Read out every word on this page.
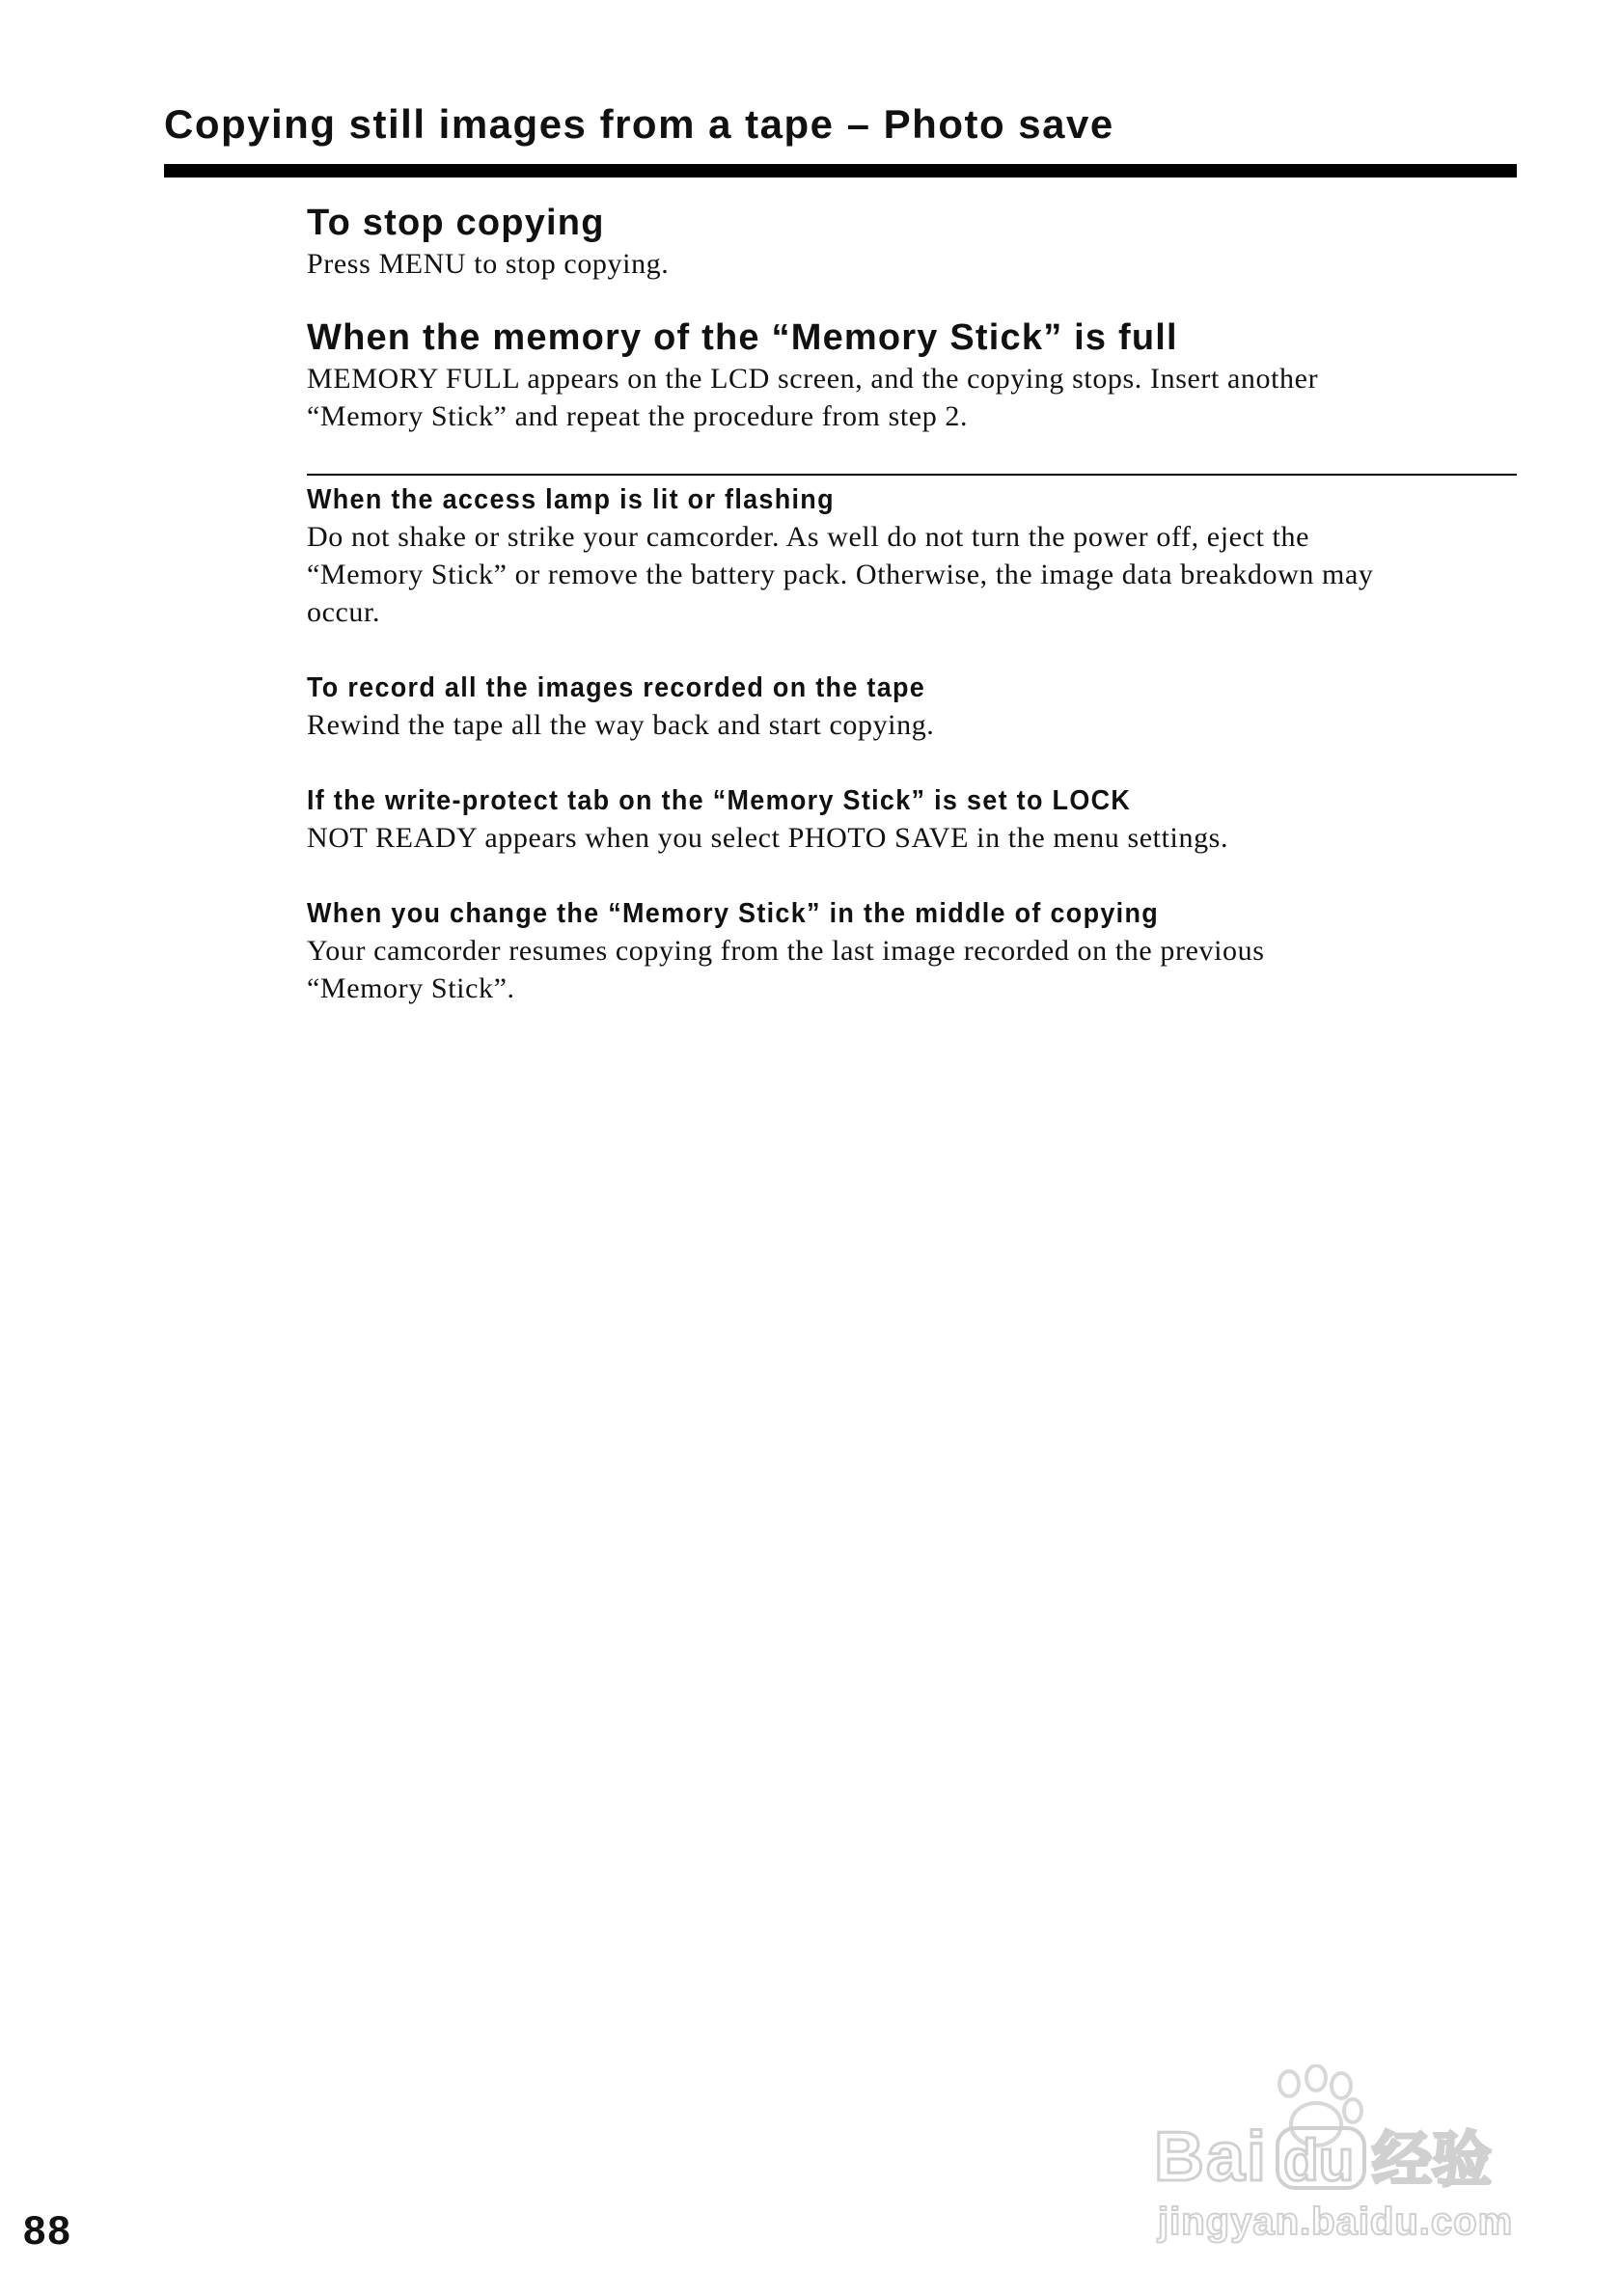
Copying still images from a tape – Photo save
To stop copying

Press MENU to stop copying.

When the memory of the “Memory Stick” is full

MEMORY FULL appears on the LCD screen, and the copying stops. Insert another

“Memory Stick” and repeat the procedure from step 2.

When the access lamp is lit or flashing

Do not shake or strike your camcorder. As well do not turn the power off, eject the

“Memory Stick” or remove the battery pack. Otherwise, the image data breakdown may

occur.

To record all the images recorded on the tape

Rewind the tape all the way back and start copying.

If the write-protect tab on the “Memory Stick” is set to LOCK

NOT READY appears when you select PHOTO SAVE in the menu settings.

When you change the “Memory Stick” in the middle of copying

Your camcorder resumes copying from the last image recorded on the previous

“Memory Stick”.

88
Bai du 经验
jingyan.baidu.com
